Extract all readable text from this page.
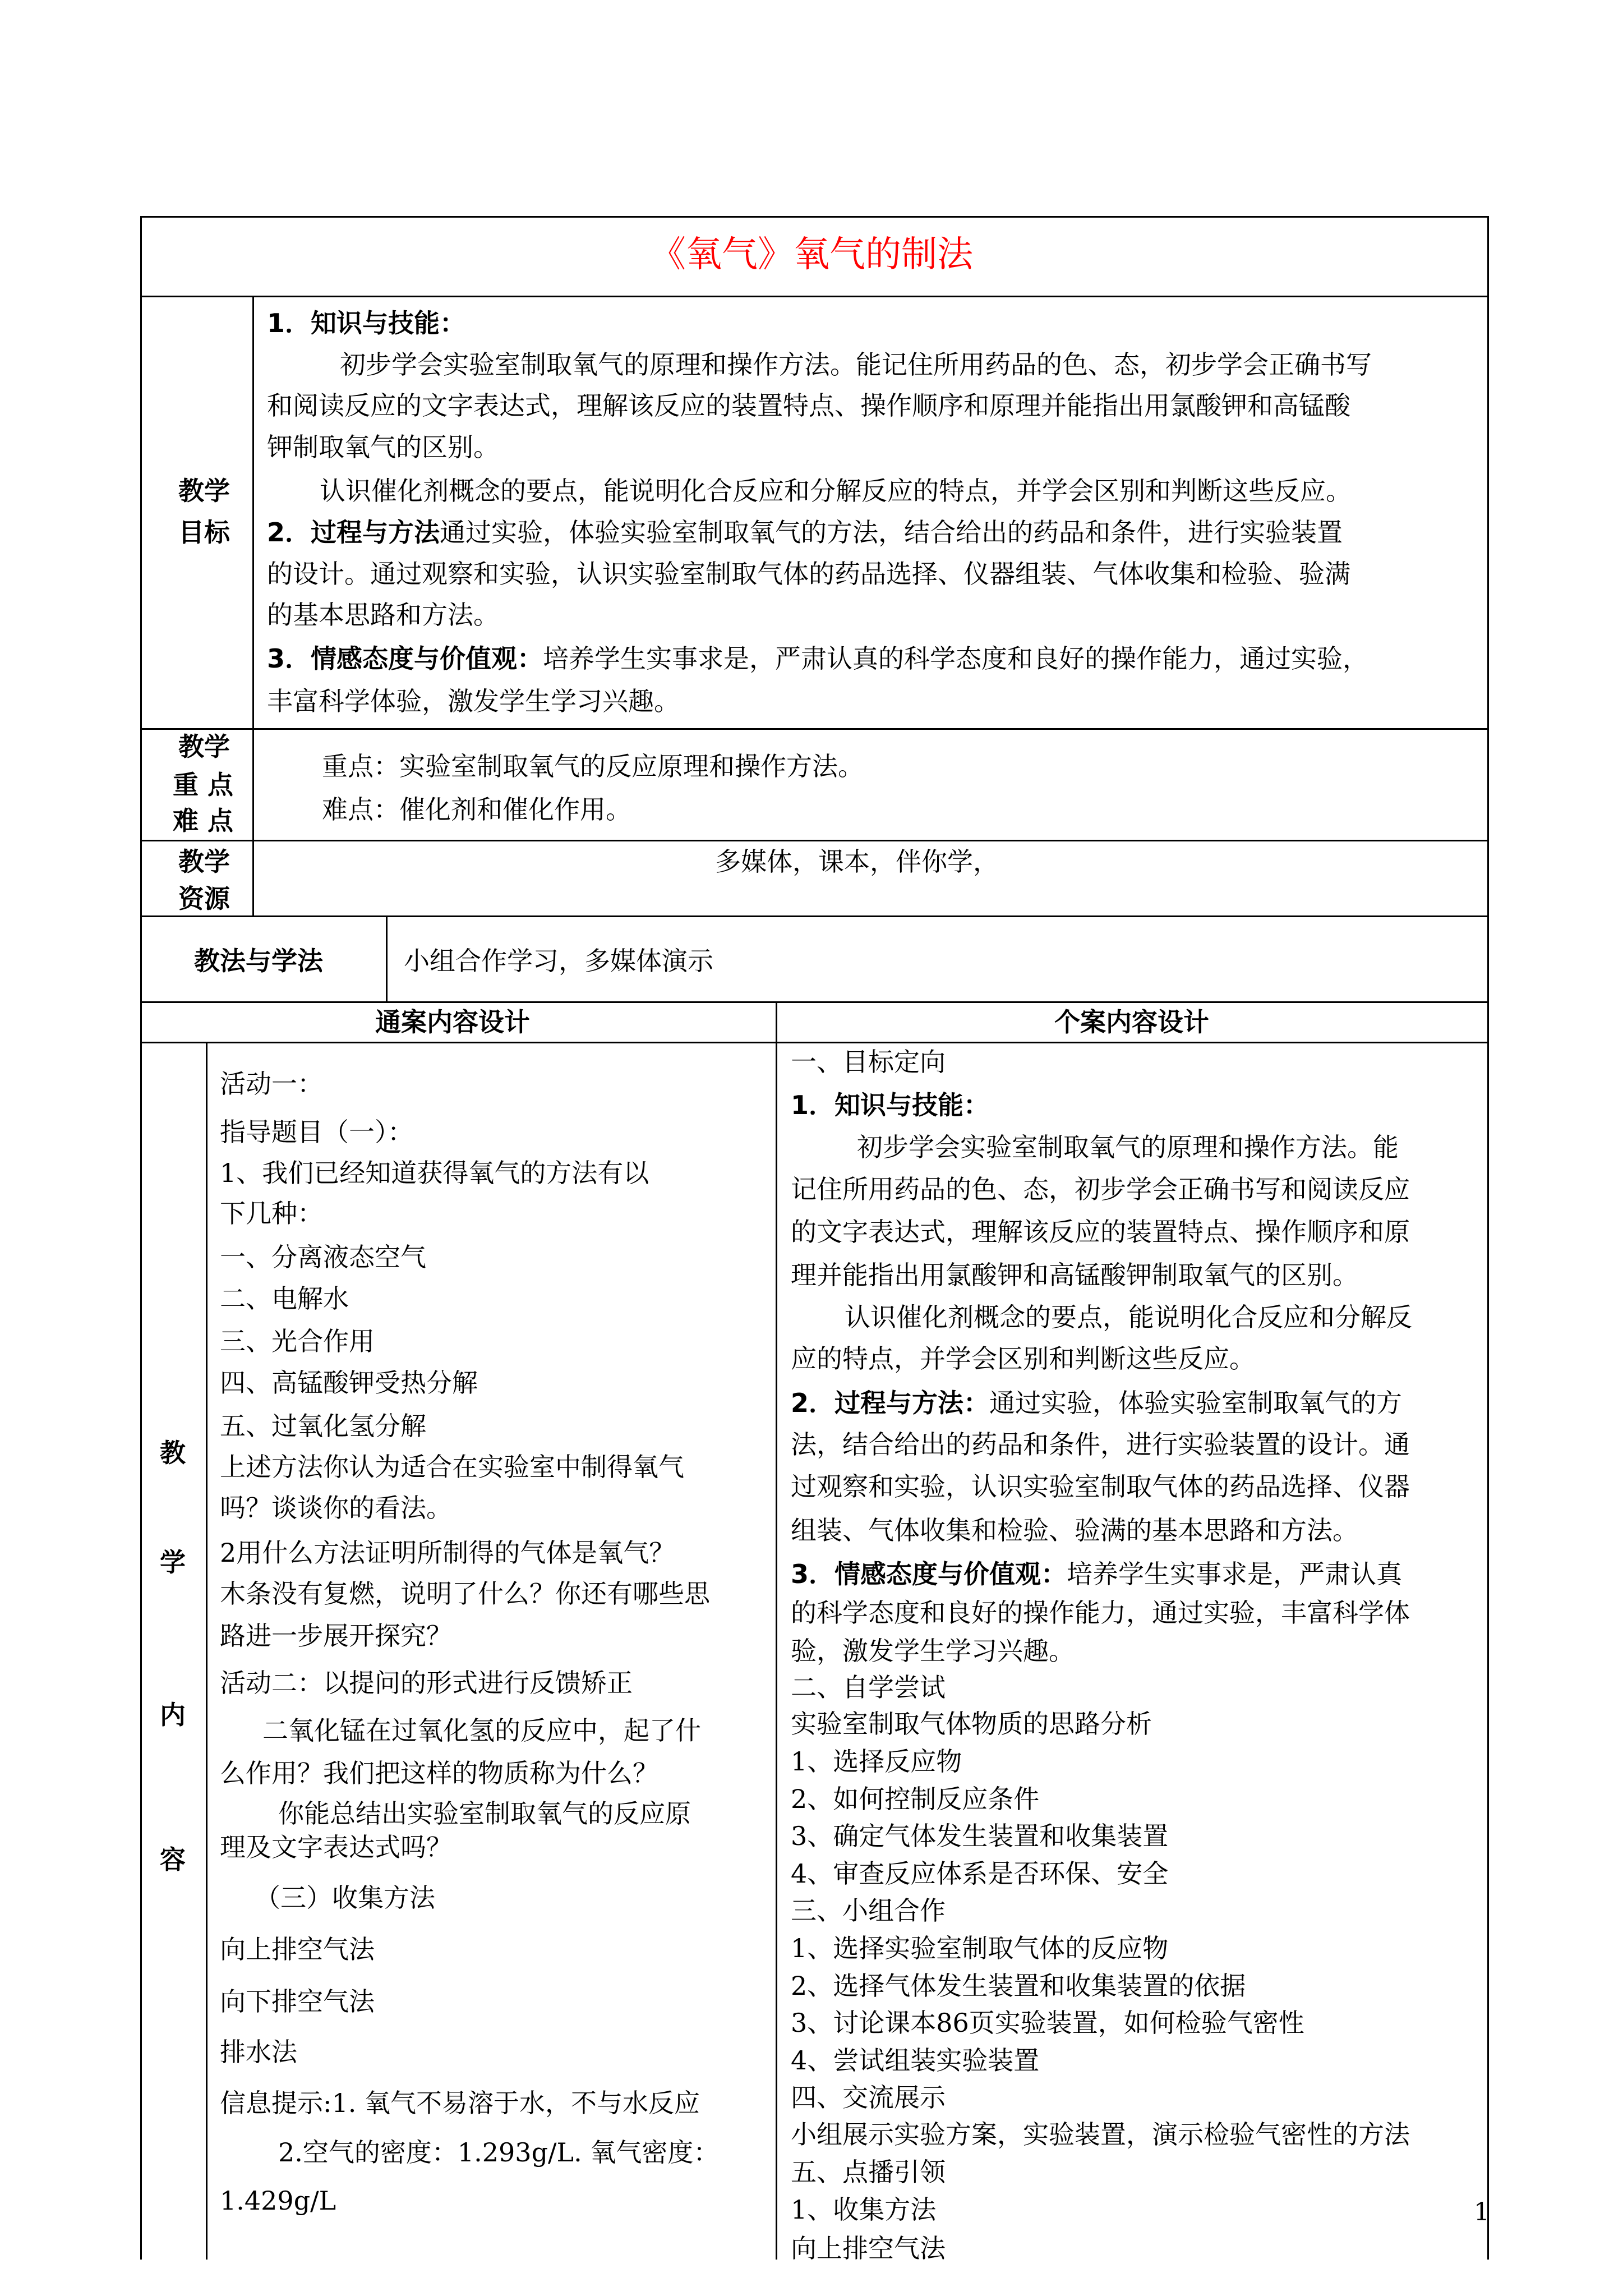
《氧气》氧气的制法
教学
目标
1．知识与技能：
初步学会实验室制取氧气的原理和操作方法。能记住所用药品的色、态，初步学会正确书写
和阅读反应的文字表达式，理解该反应的装置特点、操作顺序和原理并能指出用氯酸钾和高锰酸
钾制取氧气的区别。
认识催化剂概念的要点，能说明化合反应和分解反应的特点，并学会区别和判断这些反应。
2．过程与方法通过实验，体验实验室制取氧气的方法，结合给出的药品和条件，进行实验装置
的设计。通过观察和实验，认识实验室制取气体的药品选择、仪器组装、气体收集和检验、验满
的基本思路和方法。
3．情感态度与价值观：培养学生实事求是，严肃认真的科学态度和良好的操作能力，通过实验，
丰富科学体验，激发学生学习兴趣。
教学
重 点
难 点
重点：实验室制取氧气的反应原理和操作方法。
难点：催化剂和催化作用。
教学
资源
多媒体，课本，伴你学，
教法与学法	小组合作学习，多媒体演示
通案内容设计	个案内容设计
教
学
内
容
活动一：
指导题目（一）：
1、我们已经知道获得氧气的方法有以
下几种：
一、分离液态空气
二、电解水
三、光合作用
四、高锰酸钾受热分解
五、过氧化氢分解
上述方法你认为适合在实验室中制得氧气
吗？谈谈你的看法。
2用什么方法证明所制得的气体是氧气？
木条没有复燃，说明了什么？你还有哪些思
路进一步展开探究？
活动二：以提问的形式进行反馈矫正
二氧化锰在过氧化氢的反应中，起了什
么作用？我们把这样的物质称为什么？
你能总结出实验室制取氧气的反应原
理及文字表达式吗？
（三）收集方法
向上排空气法
向下排空气法
排水法
信息提示:1. 氧气不易溶于水，不与水反应
2.空气的密度：1.293g/L. 氧气密度：
1.429g/L
一、目标定向
1．知识与技能：
初步学会实验室制取氧气的原理和操作方法。能
记住所用药品的色、态，初步学会正确书写和阅读反应
的文字表达式，理解该反应的装置特点、操作顺序和原
理并能指出用氯酸钾和高锰酸钾制取氧气的区别。
认识催化剂概念的要点，能说明化合反应和分解反
应的特点，并学会区别和判断这些反应。
2．过程与方法：通过实验，体验实验室制取氧气的方
法，结合给出的药品和条件，进行实验装置的设计。通
过观察和实验，认识实验室制取气体的药品选择、仪器
组装、气体收集和检验、验满的基本思路和方法。
3．情感态度与价值观：培养学生实事求是，严肃认真
的科学态度和良好的操作能力，通过实验，丰富科学体
验，激发学生学习兴趣。
二、自学尝试
实验室制取气体物质的思路分析
1、选择反应物
2、如何控制反应条件
3、确定气体发生装置和收集装置
4、审查反应体系是否环保、安全
三、小组合作
1、选择实验室制取气体的反应物
2、选择气体发生装置和收集装置的依据
3、讨论课本86页实验装置，如何检验气密性
4、尝试组装实验装置
四、交流展示
小组展示实验方案，实验装置，演示检验气密性的方法
五、点播引领
1、收集方法
向上排空气法
1
